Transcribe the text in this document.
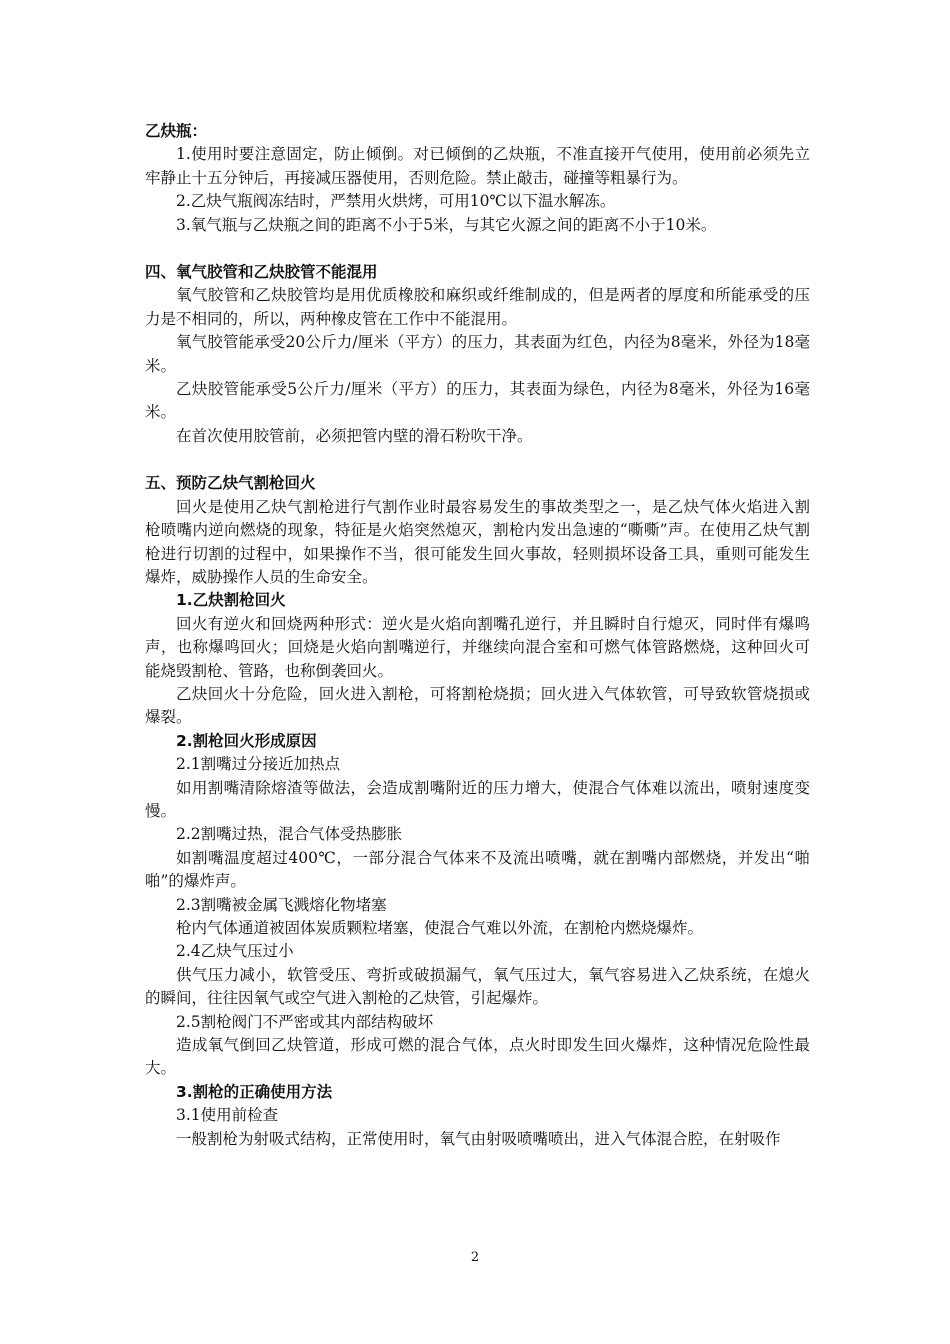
乙炔瓶：

1.使用时要注意固定，防止倾倒。对已倾倒的乙炔瓶，不准直接开气使用，使用前必须先立牢静止十五分钟后，再接减压器使用，否则危险。禁止敲击，碰撞等粗暴行为。

2.乙炔气瓶阀冻结时，严禁用火烘烤，可用10℃以下温水解冻。

3.氧气瓶与乙炔瓶之间的距离不小于5米，与其它火源之间的距离不小于10米。

四、氧气胶管和乙炔胶管不能混用

氧气胶管和乙炔胶管均是用优质橡胶和麻织或纤维制成的，但是两者的厚度和所能承受的压力是不相同的，所以，两种橡皮管在工作中不能混用。

氧气胶管能承受20公斤力/厘米（平方）的压力，其表面为红色，内径为8毫米，外径为18毫米。

乙炔胶管能承受5公斤力/厘米（平方）的压力，其表面为绿色，内径为8毫米，外径为16毫米。

在首次使用胶管前，必须把管内壁的滑石粉吹干净。

五、预防乙炔气割枪回火

回火是使用乙炔气割枪进行气割作业时最容易发生的事故类型之一，是乙炔气体火焰进入割枪喷嘴内逆向燃烧的现象，特征是火焰突然熄灭，割枪内发出急速的“嘶嘶”声。在使用乙炔气割枪进行切割的过程中，如果操作不当，很可能发生回火事故，轻则损坏设备工具，重则可能发生爆炸，威胁操作人员的生命安全。

1.乙炔割枪回火

回火有逆火和回烧两种形式：逆火是火焰向割嘴孔逆行，并且瞬时自行熄灭，同时伴有爆鸣声，也称爆鸣回火；回烧是火焰向割嘴逆行，并继续向混合室和可燃气体管路燃烧，这种回火可能烧毁割枪、管路，也称倒袭回火。

乙炔回火十分危险，回火进入割枪，可将割枪烧损；回火进入气体软管，可导致软管烧损或爆裂。

2.割枪回火形成原因

2.1割嘴过分接近加热点

如用割嘴清除熔渣等做法，会造成割嘴附近的压力增大，使混合气体难以流出，喷射速度变慢。

2.2割嘴过热，混合气体受热膨胀

如割嘴温度超过400℃，一部分混合气体来不及流出喷嘴，就在割嘴内部燃烧，并发出“啪啪”的爆炸声。

2.3割嘴被金属飞溅熔化物堵塞

枪内气体通道被固体炭质颗粒堵塞，使混合气难以外流，在割枪内燃烧爆炸。

2.4乙炔气压过小

供气压力减小，软管受压、弯折或破损漏气，氧气压过大，氧气容易进入乙炔系统，在熄火的瞬间，往往因氧气或空气进入割枪的乙炔管，引起爆炸。

2.5割枪阀门不严密或其内部结构破坏

造成氧气倒回乙炔管道，形成可燃的混合气体，点火时即发生回火爆炸，这种情况危险性最大。

3.割枪的正确使用方法

3.1使用前检查

一般割枪为射吸式结构，正常使用时，氧气由射吸喷嘴喷出，进入气体混合腔，在射吸作

2
